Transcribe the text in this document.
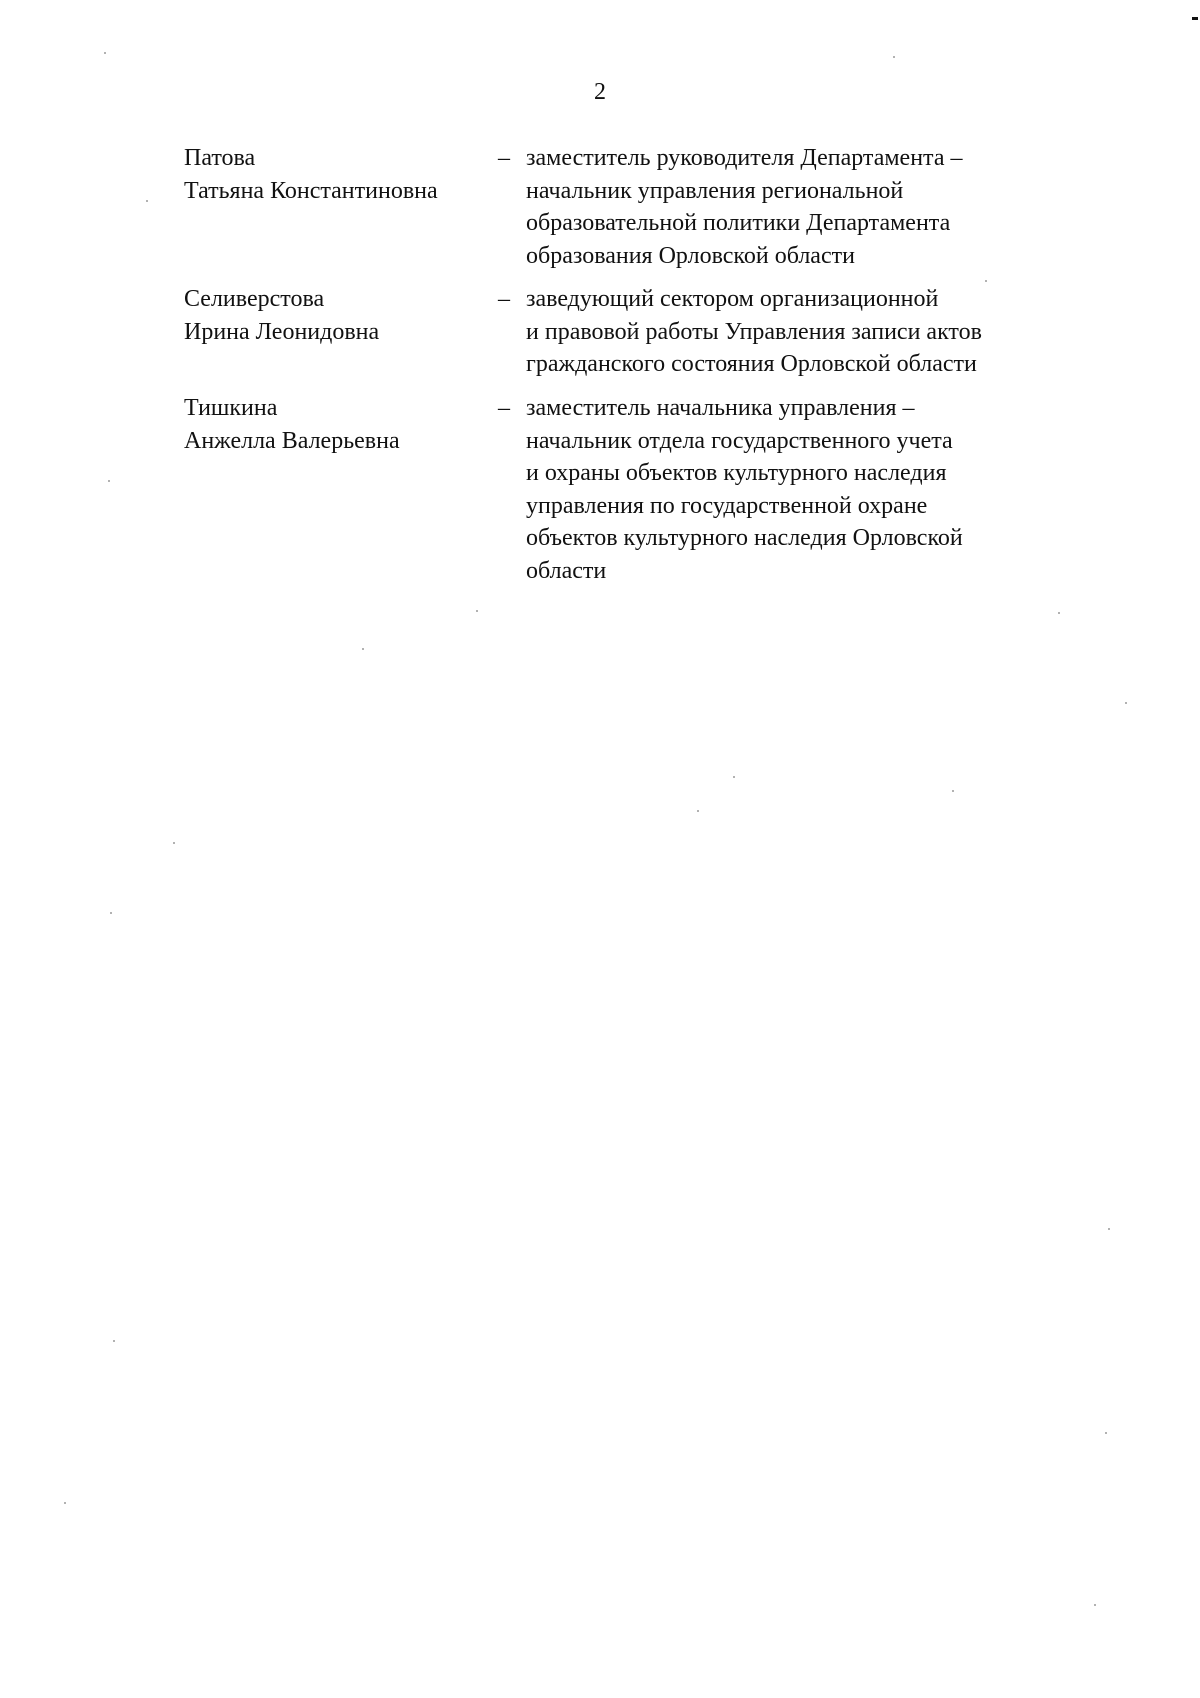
2
Патова
Татьяна Константиновна
– заместитель руководителя Департамента –
начальник управления региональной
образовательной политики Департамента
образования Орловской области
Селиверстова
Ирина Леонидовна
– заведующий сектором организационной
и правовой работы Управления записи актов
гражданского состояния Орловской области
Тишкина
Анжелла Валерьевна
– заместитель начальника управления –
начальник отдела государственного учета
и охраны объектов культурного наследия
управления по государственной охране
объектов культурного наследия Орловской
области
